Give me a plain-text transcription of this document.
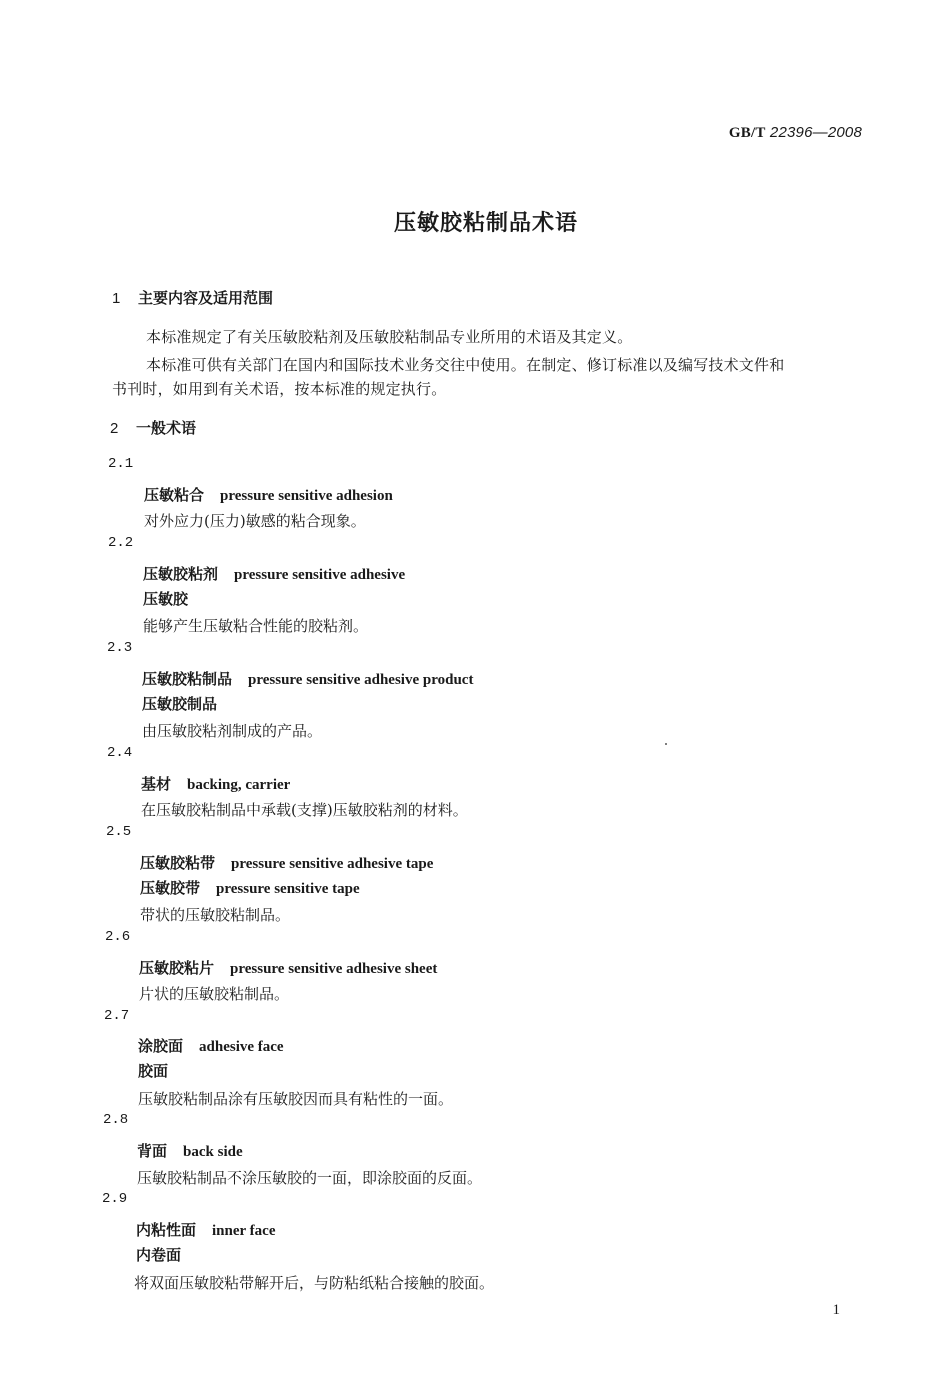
GB/T 22396—2008
压敏胶粘制品术语
1 主要内容及适用范围
本标准规定了有关压敏胶粘剂及压敏胶粘制品专业所用的术语及其定义。
本标准可供有关部门在国内和国际技术业务交往中使用。在制定、修订标准以及编写技术文件和
书刊时，如用到有关术语，按本标准的规定执行。
2 一般术语
2.1
压敏粘合 pressure sensitive adhesion
对外应力(压力)敏感的粘合现象。
2.2
压敏胶粘剂 pressure sensitive adhesive
压敏胶
能够产生压敏粘合性能的胶粘剂。
2.3
压敏胶粘制品 pressure sensitive adhesive product
压敏胶制品
由压敏胶粘剂制成的产品。
2.4
基材 backing, carrier
在压敏胶粘制品中承载(支撑)压敏胶粘剂的材料。
2.5
压敏胶粘带 pressure sensitive adhesive tape
压敏胶带 pressure sensitive tape
带状的压敏胶粘制品。
2.6
压敏胶粘片 pressure sensitive adhesive sheet
片状的压敏胶粘制品。
2.7
涂胶面 adhesive face
胶面
压敏胶粘制品涂有压敏胶因而具有粘性的一面。
2.8
背面 back side
压敏胶粘制品不涂压敏胶的一面，即涂胶面的反面。
2.9
内粘性面 inner face
内卷面
将双面压敏胶粘带解开后，与防粘纸粘合接触的胶面。
1
